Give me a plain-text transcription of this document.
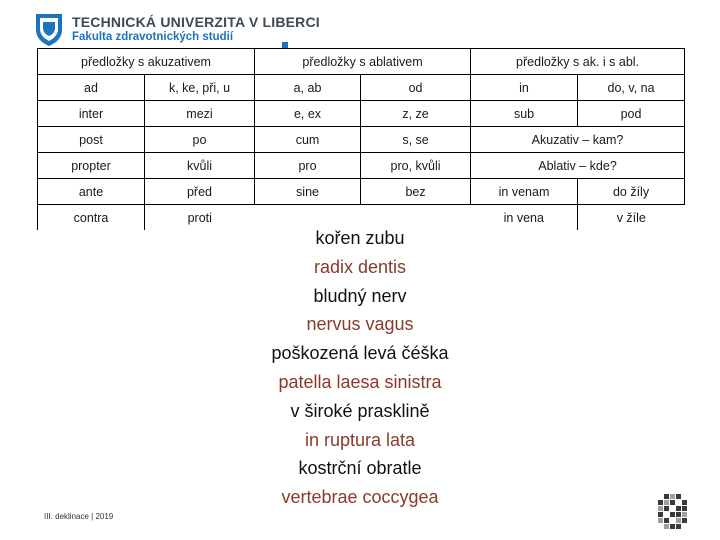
TECHNICKÁ UNIVERZITA V LIBERCI
Fakulta zdravotnických studií
předložky s akuzativem		předložky s ablativem		předložky s ak. i s abl.	
ad	k, ke, při, u	a, ab	od	in	do, v, na
inter	mezi	e, ex	z, ze	sub	pod
post	po	cum	s, se	Akuzativ – kam?	
propter	kvůli	pro	pro, kvůli	Ablativ – kde?	
ante	před	sine	bez	in venam	do žíly
contra	proti			in vena	v žíle
kořen zubu
radix dentis
bludný nerv
nervus vagus
poškozená levá čéška
patella laesa sinistra
v široké prasklině
in ruptura lata
kostrční obratle
vertebrae coccygea
III. deklinace | 2019
